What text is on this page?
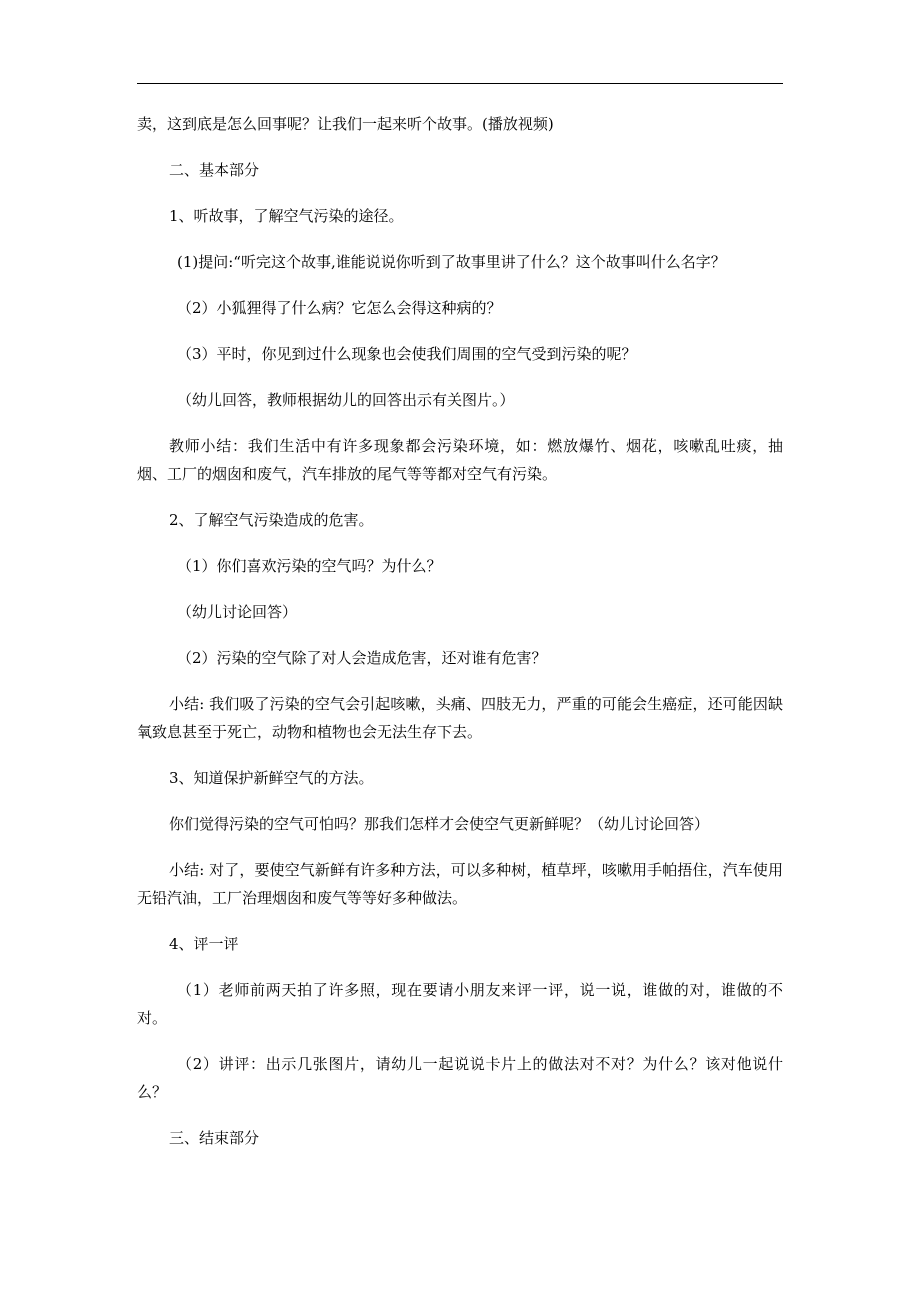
卖，这到底是怎么回事呢？让我们一起来听个故事。(播放视频)

二、基本部分

1、听故事，了解空气污染的途径。

(1)提问:“听完这个故事,谁能说说你听到了故事里讲了什么？这个故事叫什么名字？

（2）小狐狸得了什么病？它怎么会得这种病的？

（3）平时，你见到过什么现象也会使我们周围的空气受到污染的呢？

（幼儿回答，教师根据幼儿的回答出示有关图片。）

教师小结：我们生活中有许多现象都会污染环境，如：燃放爆竹、烟花，咳嗽乱吐痰，抽烟、工厂的烟囱和废气，汽车排放的尾气等等都对空气有污染。

2、了解空气污染造成的危害。

（1）你们喜欢污染的空气吗？为什么？

（幼儿讨论回答）

（2）污染的空气除了对人会造成危害，还对谁有危害？

小结: 我们吸了污染的空气会引起咳嗽，头痛、四肢无力，严重的可能会生癌症，还可能因缺氧致息甚至于死亡，动物和植物也会无法生存下去。

3、知道保护新鲜空气的方法。

你们觉得污染的空气可怕吗？那我们怎样才会使空气更新鲜呢？（幼儿讨论回答）

小结: 对了，要使空气新鲜有许多种方法，可以多种树，植草坪，咳嗽用手帕捂住，汽车使用无铅汽油，工厂治理烟囱和废气等等好多种做法。

4、评一评

（1）老师前两天拍了许多照，现在要请小朋友来评一评，说一说，谁做的对，谁做的不对。

（2）讲评：出示几张图片，请幼儿一起说说卡片上的做法对不对？为什么？该对他说什么？

三、结束部分
